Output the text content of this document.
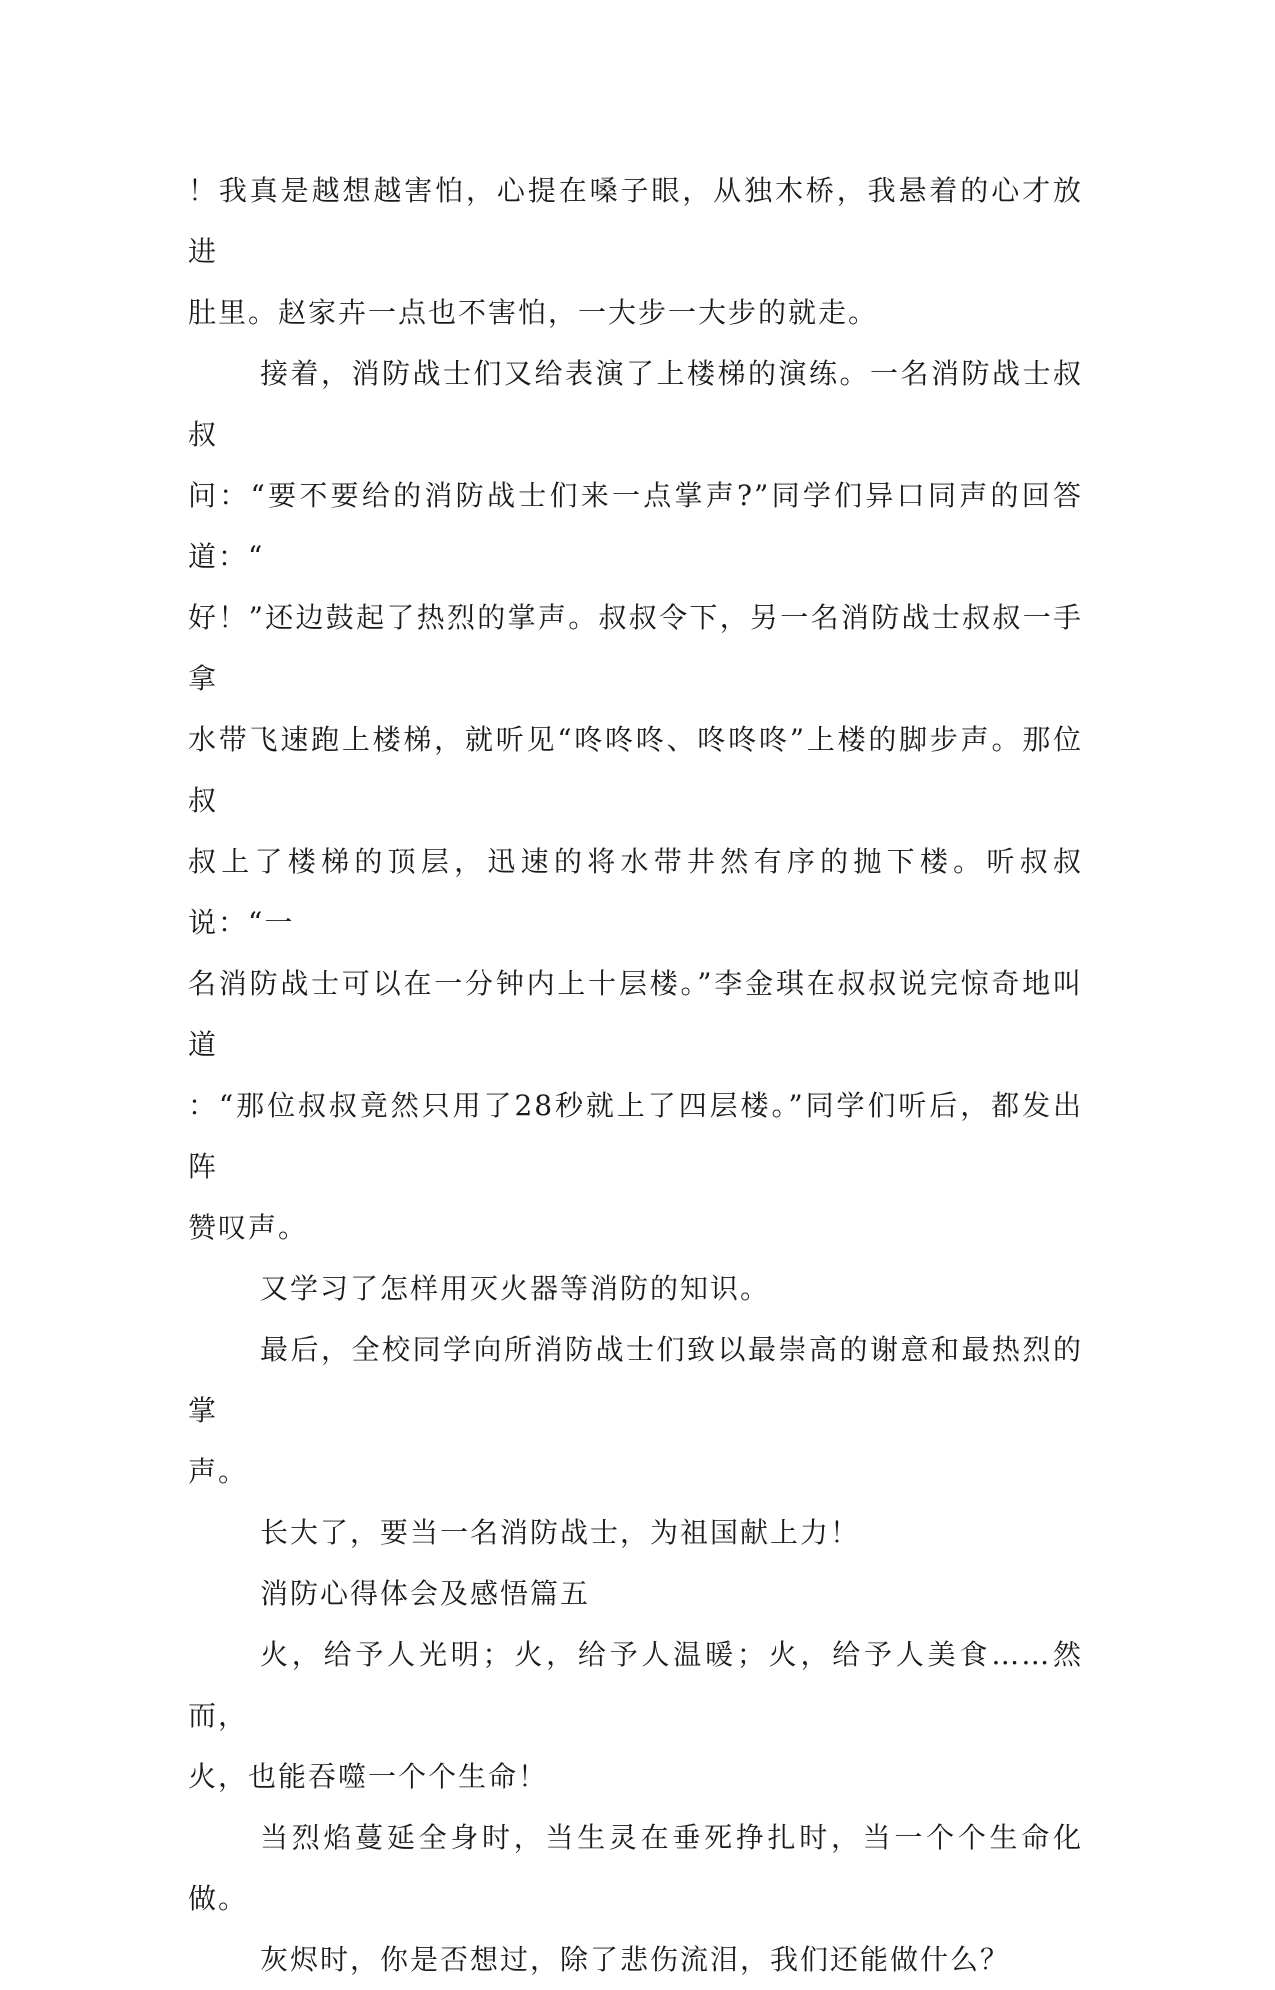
！我真是越想越害怕，心提在嗓子眼，从独木桥，我悬着的心才放进
肚里。赵家卉一点也不害怕，一大步一大步的就走。

接着，消防战士们又给表演了上楼梯的演练。一名消防战士叔叔
问：“要不要给的消防战士们来一点掌声?”同学们异口同声的回答道：“
好！”还边鼓起了热烈的掌声。叔叔令下，另一名消防战士叔叔一手拿
水带飞速跑上楼梯，就听见“咚咚咚、咚咚咚”上楼的脚步声。那位叔
叔上了楼梯的顶层，迅速的将水带井然有序的抛下楼。听叔叔说：“一
名消防战士可以在一分钟内上十层楼。”李金琪在叔叔说完惊奇地叫道
：“那位叔叔竟然只用了28秒就上了四层楼。”同学们听后，都发出阵
赞叹声。

又学习了怎样用灭火器等消防的知识。

最后，全校同学向所消防战士们致以最崇高的谢意和最热烈的掌
声。

长大了，要当一名消防战士，为祖国献上力！

消防心得体会及感悟篇五

火，给予人光明；火，给予人温暖；火，给予人美食……然而，
火，也能吞噬一个个生命！

当烈焰蔓延全身时，当生灵在垂死挣扎时，当一个个生命化做。

灰烬时，你是否想过，除了悲伤流泪，我们还能做什么？
